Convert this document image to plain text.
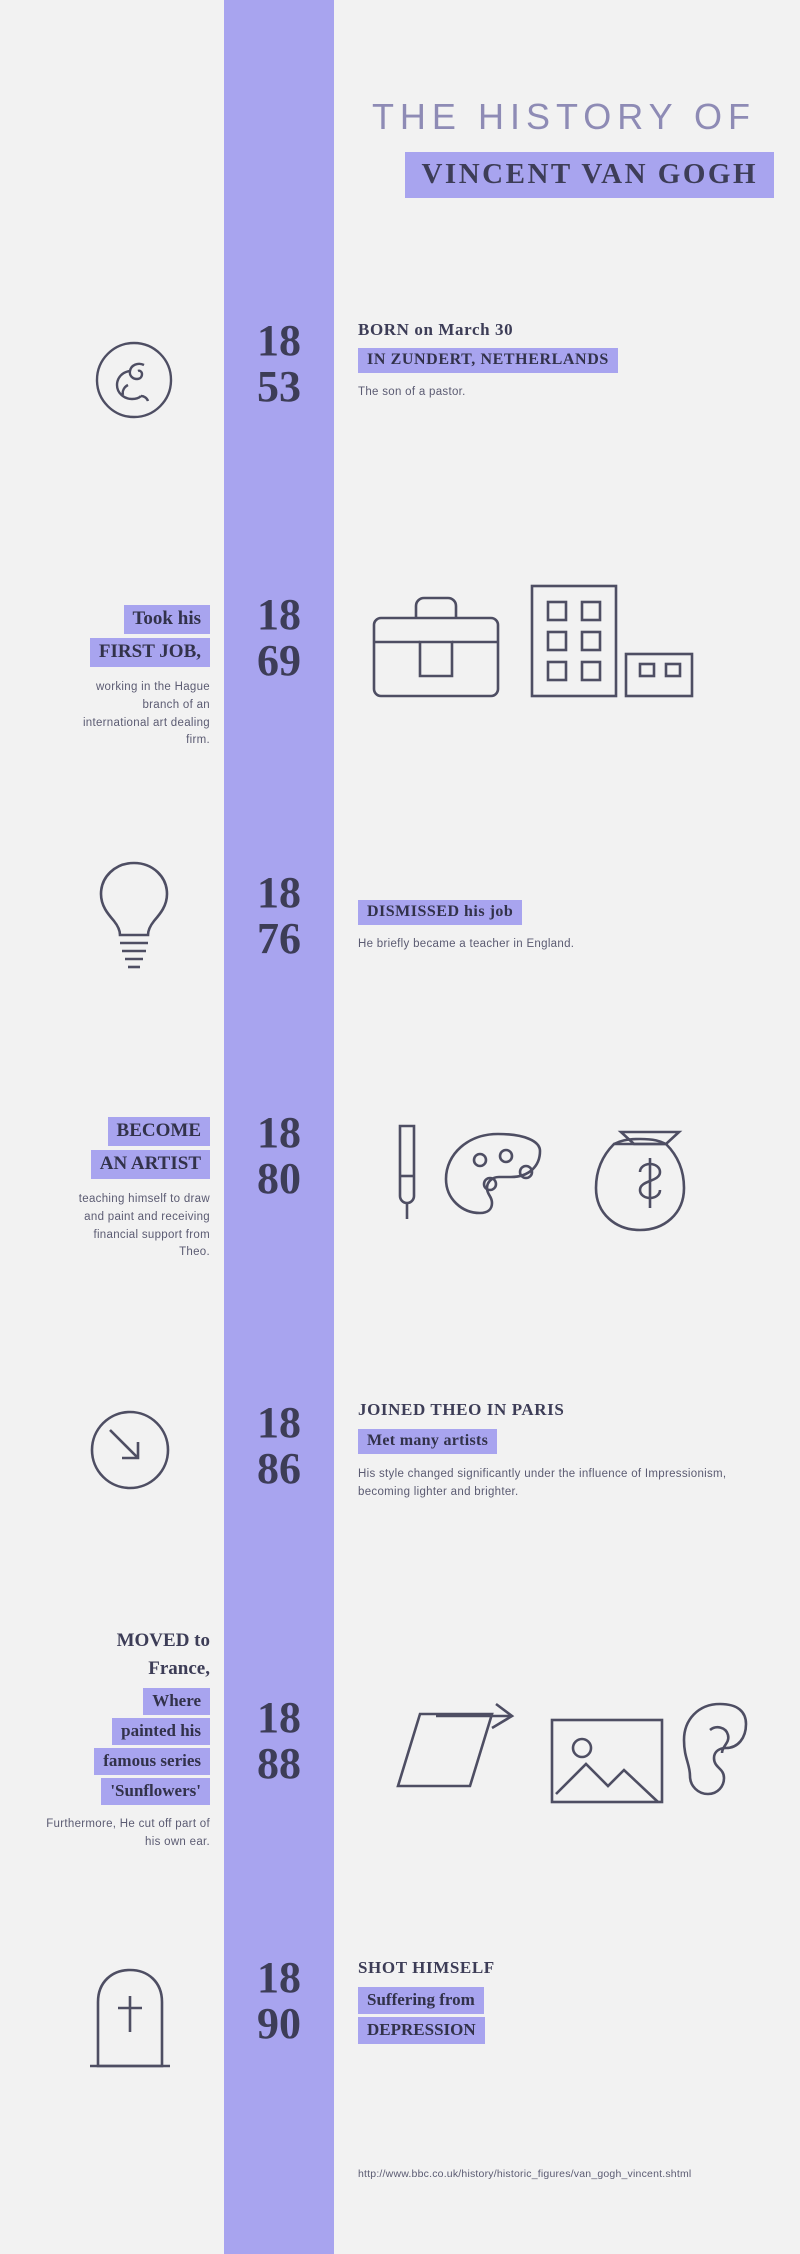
THE HISTORY OF
VINCENT VAN GOGH
18
53
BORN on March 30
IN ZUNDERT, NETHERLANDS
The son of a pastor.
Took his
FIRST JOB,
working in the Hague branch of an international art dealing firm.
18
69
18
76
DISMISSED his job
He briefly became a teacher in England.
BECOME
AN ARTIST
teaching himself to draw and paint and receiving financial support from Theo.
18
80
18
86
JOINED THEO IN PARIS
Met many artists
His style changed significantly under the influence of Impressionism, becoming lighter and brighter.
MOVED to
France,
Where
painted his
famous series
'Sunflowers'
Furthermore, He cut off part of his own ear.
18
88
18
90
SHOT HIMSELF
Suffering from
DEPRESSION
http://www.bbc.co.uk/history/historic_figures/van_gogh_vincent.shtml
